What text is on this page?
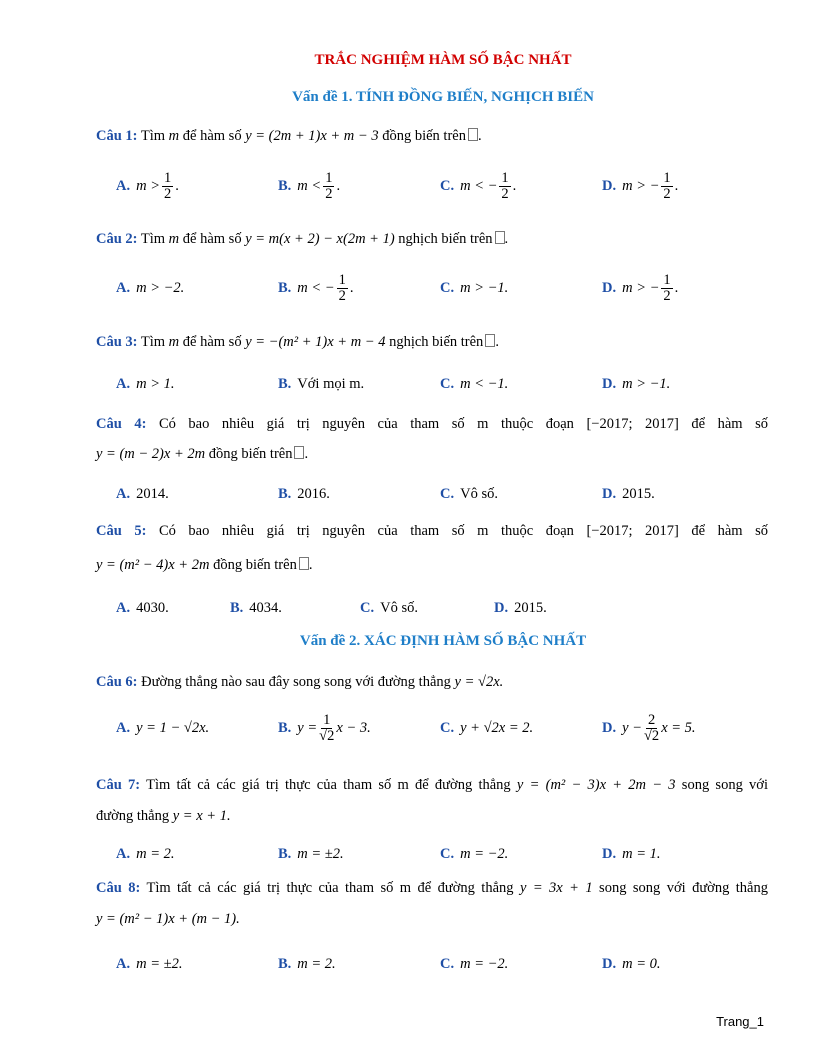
TRẮC NGHIỆM HÀM SỐ BẬC NHẤT
Vấn đề 1. TÍNH ĐỒNG BIẾN, NGHỊCH BIẾN
Câu 1: Tìm m để hàm số y = (2m + 1)x + m − 3 đồng biến trên .
A. $m > \frac{1}{2}$ .	B. $m < \frac{1}{2}$ .	C. m < − $\frac{1}{2}$ .	D. m > − $\frac{1}{2}$ .
Câu 2: Tìm m để hàm số y = m(x + 2) − x(2m + 1) nghịch biến trên .
A. m > −2.	B. m < − $\frac{1}{2}$ .	C. m > −1.	D. m > − $\frac{1}{2}$ .
Câu 3: Tìm m để hàm số y = −(m² + 1)x + m − 4 nghịch biến trên .
A. m > 1.	B. Với mọi m.	C. m < −1.	D. m > −1.
Câu 4: Có bao nhiêu giá trị nguyên của tham số m thuộc đoạn [−2017; 2017] để hàm số
y = (m − 2)x + 2m đồng biến trên .
A. 2014.	B. 2016.	C. Vô số.	D. 2015.
Câu 5: Có bao nhiêu giá trị nguyên của tham số m thuộc đoạn [−2017; 2017] để hàm số
y = (m² − 4)x + 2m đồng biến trên .
A. 4030.	B. 4034.	C. Vô số.	D. 2015.
Vấn đề 2. XÁC ĐỊNH HÀM SỐ BẬC NHẤT
Câu 6: Đường thẳng nào sau đây song song với đường thẳng y = √2x.
A. y = 1 − √2x.	B. $y = \frac{1}{√2}$ x − 3.	C. y + √2x = 2.	D. $y - \frac{2}{√2}$ x = 5.
Câu 7: Tìm tất cả các giá trị thực của tham số m để đường thẳng y = (m² − 3)x + 2m − 3 song song với
đường thẳng y = x + 1.
A. m = 2.	B. m = ±2.	C. m = −2.	D. m = 1.
Câu 8: Tìm tất cả các giá trị thực của tham số m để đường thẳng y = 3x + 1 song song với đường thẳng
y = (m² − 1)x + (m − 1).
A. m = ±2.	B. m = 2.	C. m = −2.	D. m = 0.
Trang_1
